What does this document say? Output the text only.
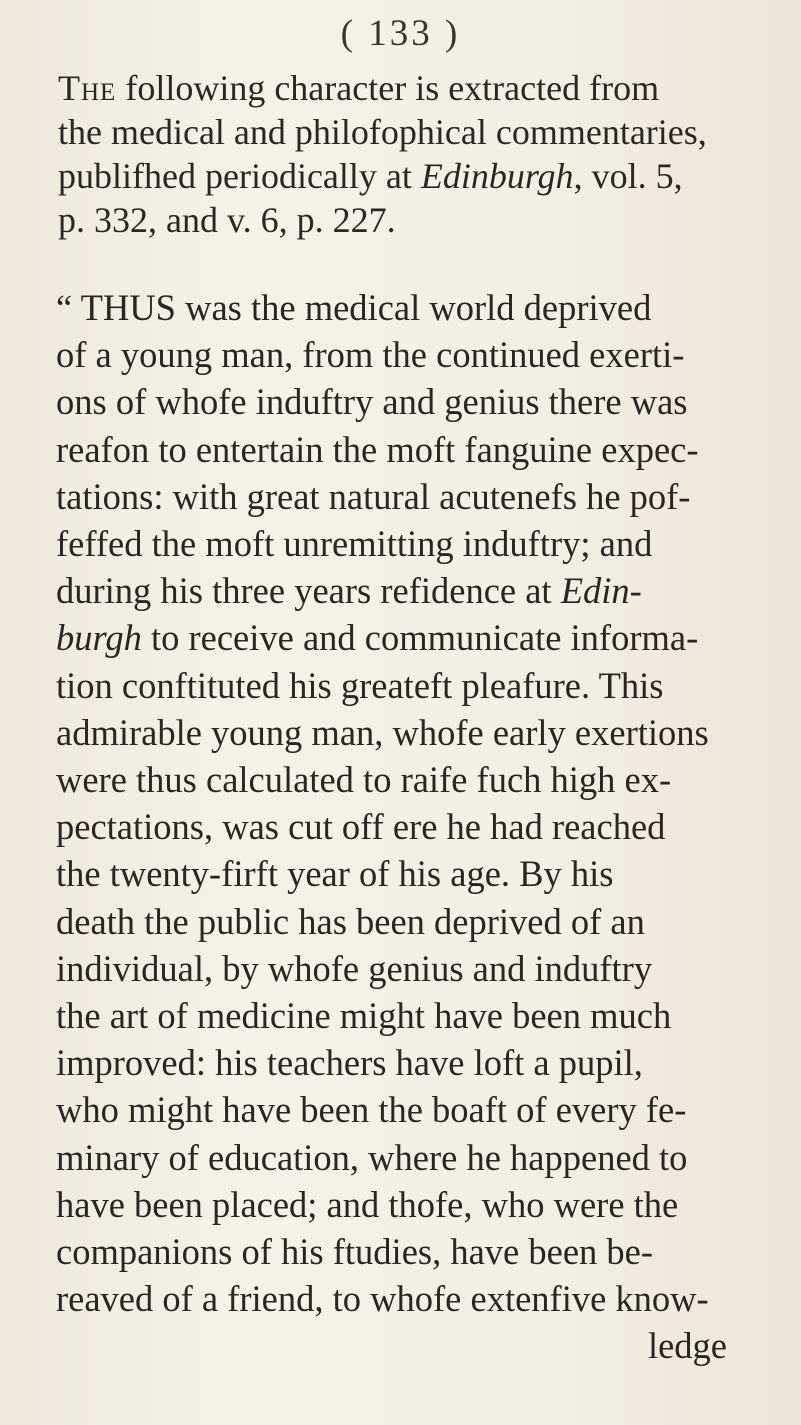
( 133 )
The following character is extracted from
the medical and philofophical commentaries,
publifhed periodically at Edinburgh, vol. 5,
p. 332, and v. 6, p. 227.
“ THUS was the medical world deprived
of a young man, from the continued exerti-
ons of whofe induftry and genius there was
reafon to entertain the moft fanguine expec-
tations: with great natural acutenefs he pof-
feffed the moft unremitting induftry; and
during his three years refidence at Edin-
burgh to receive and communicate informa-
tion conftituted his greateft pleafure. This
admirable young man, whofe early exertions
were thus calculated to raife fuch high ex-
pectations, was cut off ere he had reached
the twenty-firft year of his age. By his
death the public has been deprived of an
individual, by whofe genius and induftry
the art of medicine might have been much
improved: his teachers have loft a pupil,
who might have been the boaft of every fe-
minary of education, where he happened to
have been placed; and thofe, who were the
companions of his ftudies, have been be-
reaved of a friend, to whofe extenfive know-
ledge
